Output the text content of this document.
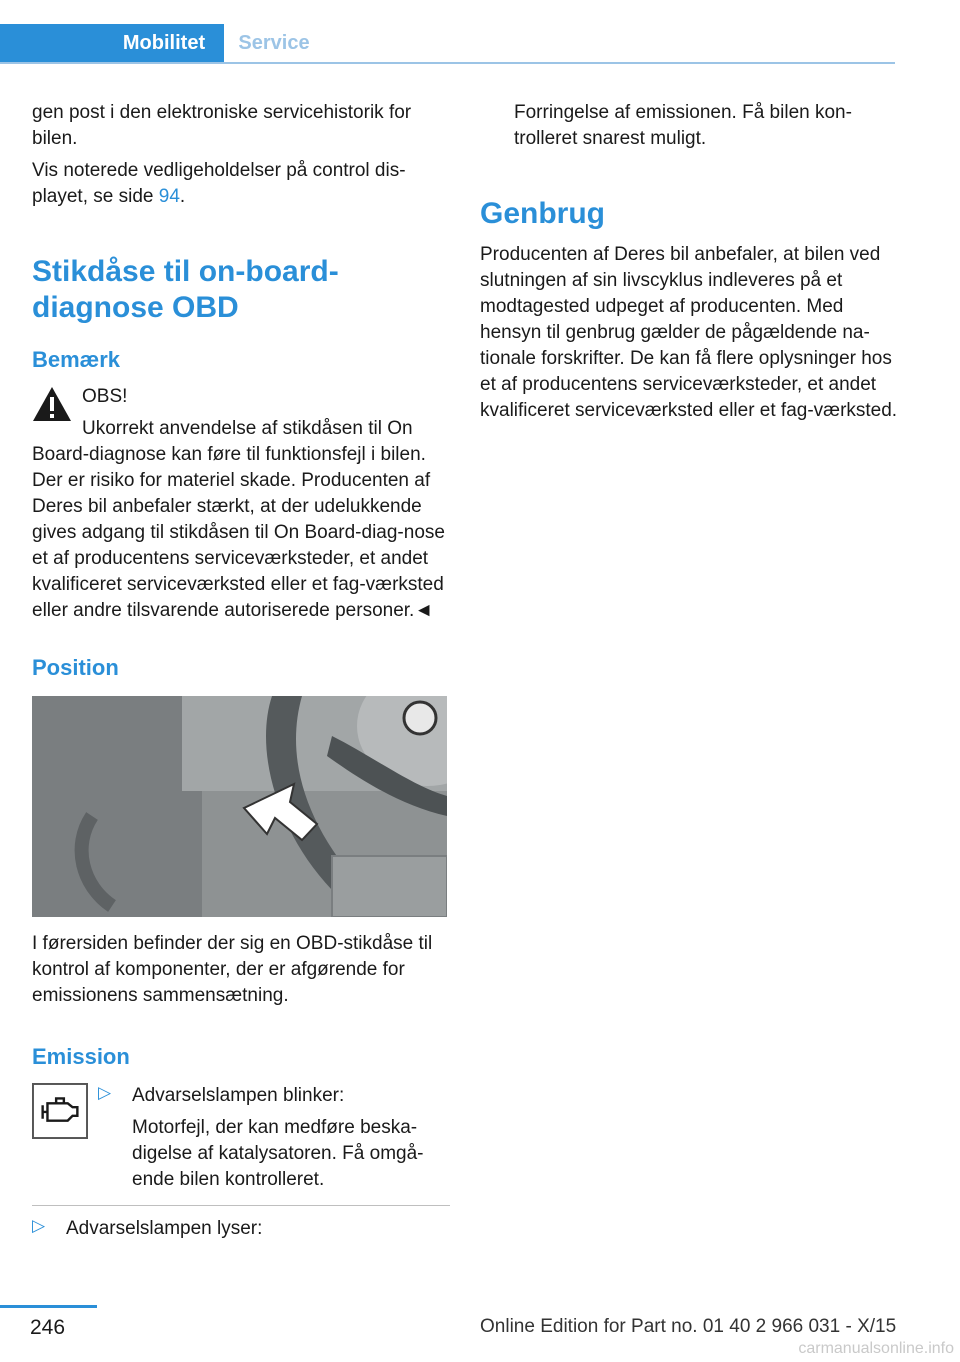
Mobilitet	Service

gen post i den elektroniske servicehistorik for bilen.

Vis noterede vedligeholdelser på control dis-playet, se side 94.

Stikdåse til on-board-diagnose OBD
Bemærk

OBS!

Ukorrekt anvendelse af stikdåsen til On

Board-diagnose kan føre til funktionsfejl i bilen. Der er risiko for materiel skade. Producenten af Deres bil anbefaler stærkt, at der udelukkende gives adgang til stikdåsen til On Board-diag-nose et af producentens serviceværksteder, et andet kvalificeret serviceværksted eller et fag-værksted eller andre tilsvarende autoriserede personer.◄

Position

I førersiden befinder der sig en OBD-stikdåse til kontrol af komponenter, der er afgørende for emissionens sammensætning.

Emission
▷ Advarselslampen blinker:

Motorfejl, der kan medføre beska-digelse af katalysatoren. Få omgå-ende bilen kontrolleret.

▷ Advarselslampen lyser:

Forringelse af emissionen. Få bilen kon-trolleret snarest muligt.

Genbrug

Producenten af Deres bil anbefaler, at bilen ved slutningen af sin livscyklus indleveres på et modtagested udpeget af producenten. Med hensyn til genbrug gælder de pågældende na-tionale forskrifter. De kan få flere oplysninger hos et af producentens serviceværksteder, et andet kvalificeret serviceværksted eller et fag-værksted.

246	Online Edition for Part no. 01 40 2 966 031 - X/15
carmanualsonline.info
